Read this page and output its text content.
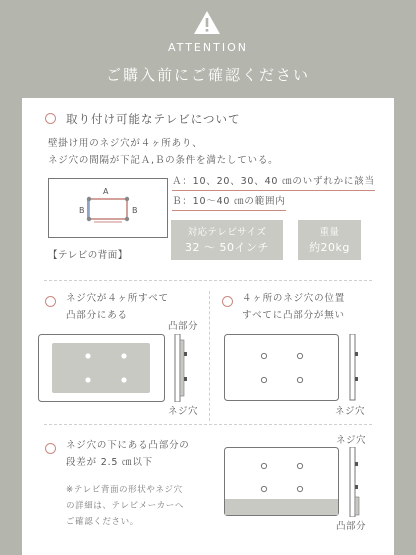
ATTENTION
ご購入前にご確認ください
取り付け可能なテレビについて
壁掛け用のネジ穴が４ヶ所あり、
ネジ穴の間隔が下記Ａ,Ｂの条件を満たしている。
A
B	B
Ａ：10、20、30、40 ㎝のいずれかに該当
Ｂ：10～40 ㎝の範囲内
【テレビの背面】
対応テレビサイズ
32 ～ 50インチ
重量
約20kg
ネジ穴が４ヶ所すべて
凸部分にある
凸部分
ネジ穴
４ヶ所のネジ穴の位置
すべてに凸部分が無い
ネジ穴
ネジ穴の下にある凸部分の
段差が 2.5 ㎝以下
※テレビ背面の形状やネジ穴
の詳細は、テレビメーカーへ
ご確認ください。
ネジ穴
凸部分
